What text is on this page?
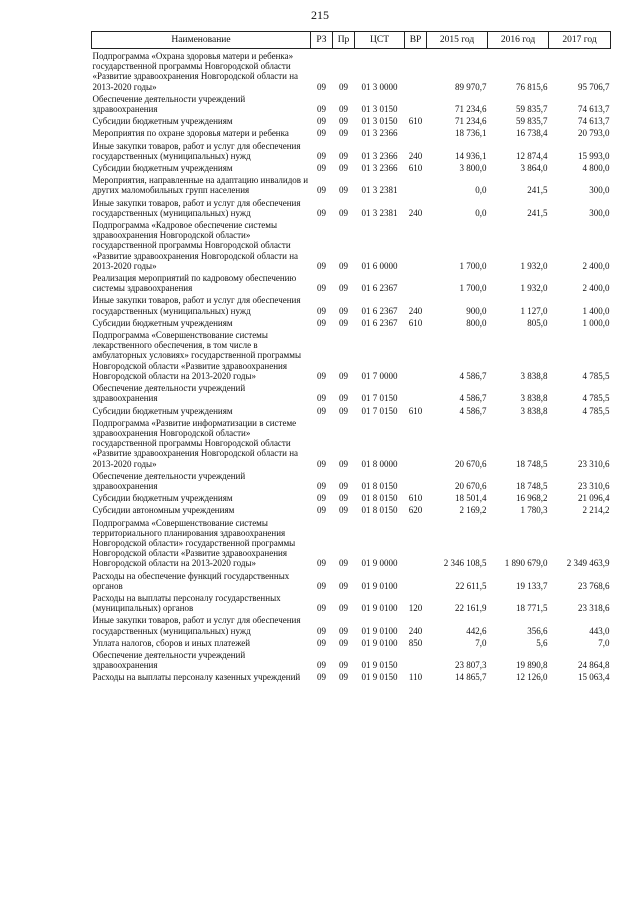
215
Наименование	РЗ	Пр	ЦСТ	ВР	2015 год	2016 год	2017 год
Подпрограмма «Охрана здоровья матери и ребенка» государственной программы Новгородской области «Развитие здравоохранения Новгородской области на 2013-2020 годы»	09	09	01 3 0000		89 970,7	76 815,6	95 706,7
Обеспечение деятельности учреждений здравоохранения	09	09	01 3 0150		71 234,6	59 835,7	74 613,7
Субсидии бюджетным учреждениям	09	09	01 3 0150	610	71 234,6	59 835,7	74 613,7
Мероприятия по охране здоровья матери и ребенка	09	09	01 3 2366		18 736,1	16 738,4	20 793,0
Иные закупки товаров, работ и услуг для обеспечения государственных (муниципальных) нужд	09	09	01 3 2366	240	14 936,1	12 874,4	15 993,0
Субсидии бюджетным учреждениям	09	09	01 3 2366	610	3 800,0	3 864,0	4 800,0
Мероприятия, направленные на адаптацию инвалидов и других маломобильных групп населения	09	09	01 3 2381		0,0	241,5	300,0
Иные закупки товаров, работ и услуг для обеспечения государственных (муниципальных) нужд	09	09	01 3 2381	240	0,0	241,5	300,0
Подпрограмма «Кадровое обеспечение системы здравоохранения Новгородской области» государственной программы Новгородской области «Развитие здравоохранения Новгородской области на 2013-2020 годы»	09	09	01 6 0000		1 700,0	1 932,0	2 400,0
Реализация мероприятий по кадровому обеспечению системы здравоохранения	09	09	01 6 2367		1 700,0	1 932,0	2 400,0
Иные закупки товаров, работ и услуг для обеспечения государственных (муниципальных) нужд	09	09	01 6 2367	240	900,0	1 127,0	1 400,0
Субсидии бюджетным учреждениям	09	09	01 6 2367	610	800,0	805,0	1 000,0
Подпрограмма «Совершенствование системы лекарственного обеспечения, в том числе в амбулаторных условиях» государственной программы Новгородской области «Развитие здравоохранения Новгородской области на 2013-2020 годы»	09	09	01 7 0000		4 586,7	3 838,8	4 785,5
Обеспечение деятельности учреждений здравоохранения	09	09	01 7 0150		4 586,7	3 838,8	4 785,5
Субсидии бюджетным учреждениям	09	09	01 7 0150	610	4 586,7	3 838,8	4 785,5
Подпрограмма «Развитие информатизации в системе здравоохранения Новгородской области» государственной программы Новгородской области «Развитие здравоохранения Новгородской области на 2013-2020 годы»	09	09	01 8 0000		20 670,6	18 748,5	23 310,6
Обеспечение деятельности учреждений здравоохранения	09	09	01 8 0150		20 670,6	18 748,5	23 310,6
Субсидии бюджетным учреждениям	09	09	01 8 0150	610	18 501,4	16 968,2	21 096,4
Субсидии автономным учреждениям	09	09	01 8 0150	620	2 169,2	1 780,3	2 214,2
Подпрограмма «Совершенствование системы территориального планирования здравоохранения Новгородской области» государственной программы Новгородской области «Развитие здравоохранения Новгородской области на 2013-2020 годы»	09	09	01 9 0000		2 346 108,5	1 890 679,0	2 349 463,9
Расходы на обеспечение функций государственных органов	09	09	01 9 0100		22 611,5	19 133,7	23 768,6
Расходы на выплаты персоналу государственных (муниципальных) органов	09	09	01 9 0100	120	22 161,9	18 771,5	23 318,6
Иные закупки товаров, работ и услуг для обеспечения государственных (муниципальных) нужд	09	09	01 9 0100	240	442,6	356,6	443,0
Уплата налогов, сборов и иных платежей	09	09	01 9 0100	850	7,0	5,6	7,0
Обеспечение деятельности учреждений здравоохранения	09	09	01 9 0150		23 807,3	19 890,8	24 864,8
Расходы на выплаты персоналу казенных учреждений	09	09	01 9 0150	110	14 865,7	12 126,0	15 063,4
